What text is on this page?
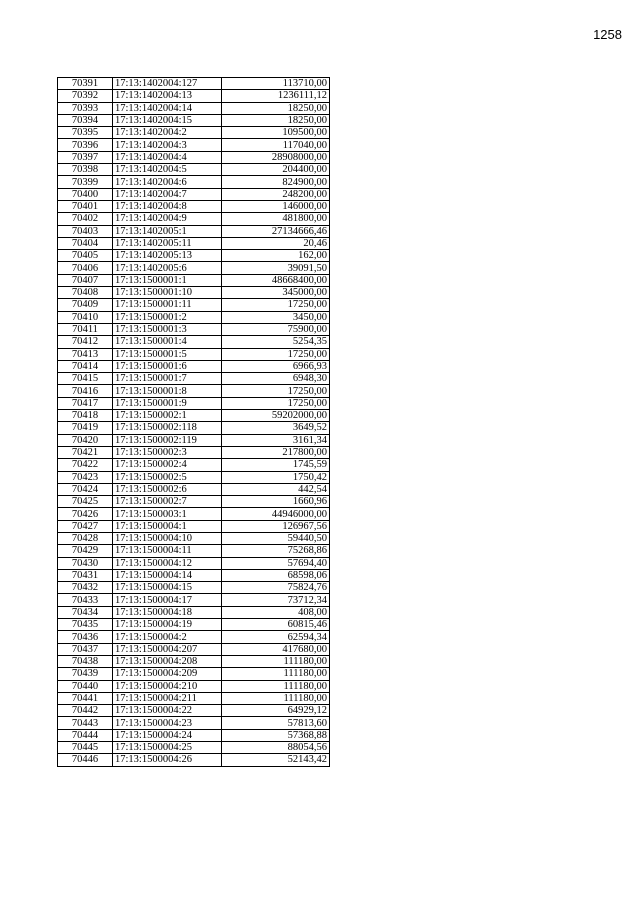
1258
70391	17:13:1402004:127	113710,00
70392	17:13:1402004:13	1236111,12
70393	17:13:1402004:14	18250,00
70394	17:13:1402004:15	18250,00
70395	17:13:1402004:2	109500,00
70396	17:13:1402004:3	117040,00
70397	17:13:1402004:4	28908000,00
70398	17:13:1402004:5	204400,00
70399	17:13:1402004:6	824900,00
70400	17:13:1402004:7	248200,00
70401	17:13:1402004:8	146000,00
70402	17:13:1402004:9	481800,00
70403	17:13:1402005:1	27134666,46
70404	17:13:1402005:11	20,46
70405	17:13:1402005:13	162,00
70406	17:13:1402005:6	39091,50
70407	17:13:1500001:1	48668400,00
70408	17:13:1500001:10	345000,00
70409	17:13:1500001:11	17250,00
70410	17:13:1500001:2	3450,00
70411	17:13:1500001:3	75900,00
70412	17:13:1500001:4	5254,35
70413	17:13:1500001:5	17250,00
70414	17:13:1500001:6	6966,93
70415	17:13:1500001:7	6948,30
70416	17:13:1500001:8	17250,00
70417	17:13:1500001:9	17250,00
70418	17:13:1500002:1	59202000,00
70419	17:13:1500002:118	3649,52
70420	17:13:1500002:119	3161,34
70421	17:13:1500002:3	217800,00
70422	17:13:1500002:4	1745,59
70423	17:13:1500002:5	1750,42
70424	17:13:1500002:6	442,54
70425	17:13:1500002:7	1660,96
70426	17:13:1500003:1	44946000,00
70427	17:13:1500004:1	126967,56
70428	17:13:1500004:10	59440,50
70429	17:13:1500004:11	75268,86
70430	17:13:1500004:12	57694,40
70431	17:13:1500004:14	68598,06
70432	17:13:1500004:15	75824,76
70433	17:13:1500004:17	73712,34
70434	17:13:1500004:18	408,00
70435	17:13:1500004:19	60815,46
70436	17:13:1500004:2	62594,34
70437	17:13:1500004:207	417680,00
70438	17:13:1500004:208	111180,00
70439	17:13:1500004:209	111180,00
70440	17:13:1500004:210	111180,00
70441	17:13:1500004:211	111180,00
70442	17:13:1500004:22	64929,12
70443	17:13:1500004:23	57813,60
70444	17:13:1500004:24	57368,88
70445	17:13:1500004:25	88054,56
70446	17:13:1500004:26	52143,42
